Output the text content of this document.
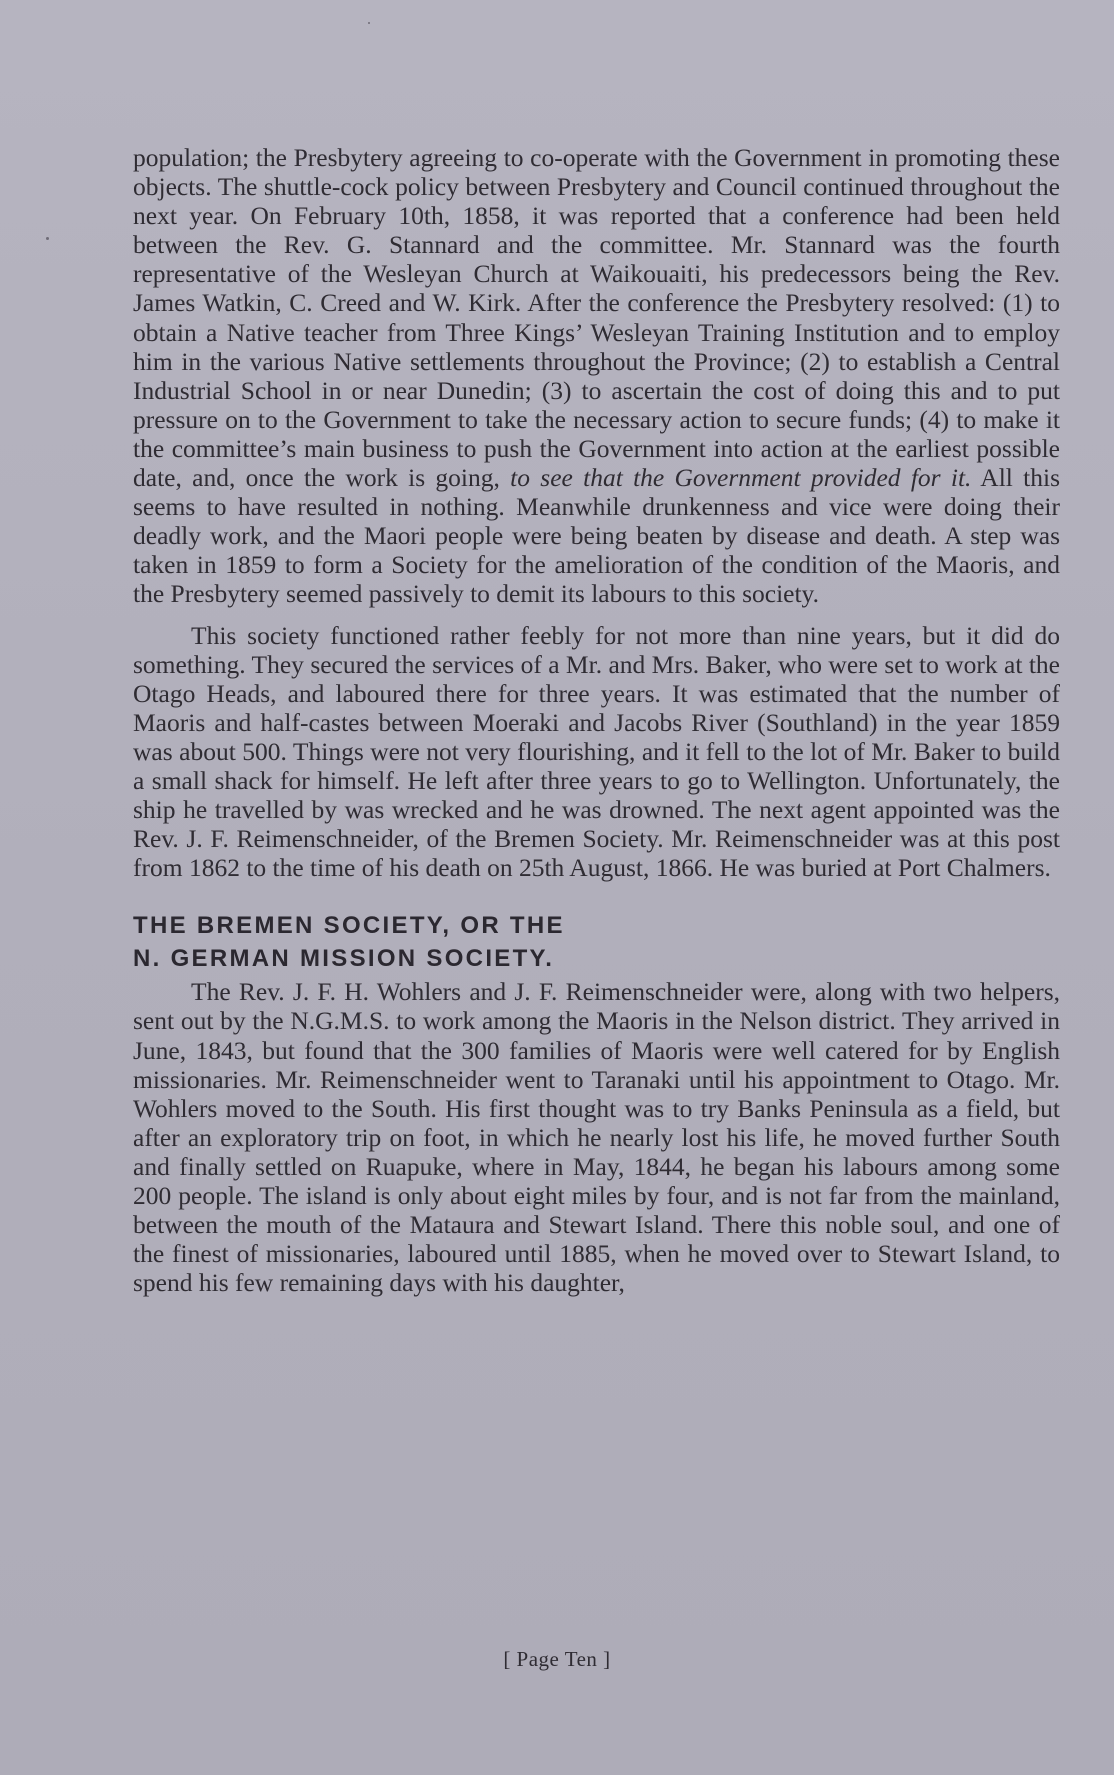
population; the Presbytery agreeing to co-operate with the Government in promoting these objects. The shuttle-cock policy between Presbytery and Council continued throughout the next year. On February 10th, 1858, it was reported that a conference had been held between the Rev. G. Stannard and the committee. Mr. Stannard was the fourth representative of the Wesleyan Church at Waikouaiti, his predecessors being the Rev. James Watkin, C. Creed and W. Kirk. After the conference the Presbytery resolved: (1) to obtain a Native teacher from Three Kings’ Wesleyan Training Institution and to employ him in the various Native settlements throughout the Province; (2) to establish a Central Industrial School in or near Dunedin; (3) to ascertain the cost of doing this and to put pressure on to the Government to take the necessary action to secure funds; (4) to make it the committee’s main business to push the Government into action at the earliest possible date, and, once the work is going, to see that the Government provided for it. All this seems to have resulted in nothing. Meanwhile drunkenness and vice were doing their deadly work, and the Maori people were being beaten by disease and death. A step was taken in 1859 to form a Society for the amelioration of the condition of the Maoris, and the Presbytery seemed passively to demit its labours to this society.

This society functioned rather feebly for not more than nine years, but it did do something. They secured the services of a Mr. and Mrs. Baker, who were set to work at the Otago Heads, and laboured there for three years. It was estimated that the number of Maoris and half-castes between Moeraki and Jacobs River (Southland) in the year 1859 was about 500. Things were not very flourishing, and it fell to the lot of Mr. Baker to build a small shack for himself. He left after three years to go to Wellington. Unfortunately, the ship he travelled by was wrecked and he was drowned. The next agent appointed was the Rev. J. F. Reimenschneider, of the Bremen Society. Mr. Reimenschneider was at this post from 1862 to the time of his death on 25th August, 1866. He was buried at Port Chalmers.

THE BREMEN SOCIETY, OR THE
N. GERMAN MISSION SOCIETY.

The Rev. J. F. H. Wohlers and J. F. Reimenschneider were, along with two helpers, sent out by the N.G.M.S. to work among the Maoris in the Nelson district. They arrived in June, 1843, but found that the 300 families of Maoris were well catered for by English missionaries. Mr. Reimenschneider went to Taranaki until his appointment to Otago. Mr. Wohlers moved to the South. His first thought was to try Banks Peninsula as a field, but after an exploratory trip on foot, in which he nearly lost his life, he moved further South and finally settled on Ruapuke, where in May, 1844, he began his labours among some 200 people. The island is only about eight miles by four, and is not far from the mainland, between the mouth of the Mataura and Stewart Island. There this noble soul, and one of the finest of missionaries, laboured until 1885, when he moved over to Stewart Island, to spend his few remaining days with his daughter,

[ Page Ten ]
